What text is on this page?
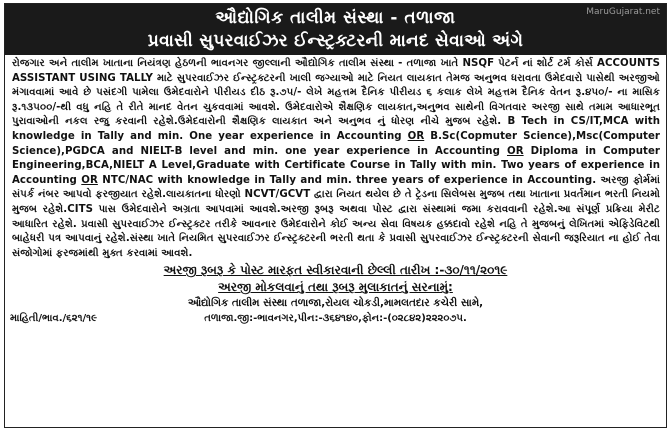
ઔદ્યોગિક તાલીમ સંસ્થા - તળાજા
પ્રવાસી સુપરવાઈઝર ઈન્સ્ટ્રક્ટરની માનદ સેવાઓ અંગે
MaruGujarat.net

રોજગાર અને તાલીમ ખાતાના નિયંત્રણ હેઠળની ભાવનગર જીલ્લાની ઔદ્યોગિક તાલીમ સંસ્થા - તળાજા ખાતે NSQF પેટર્ન નાં શોર્ટ ટર્મ કોર્સ ACCOUNTS ASSISTANT USING TALLY માટે સુપરવાઈઝર ઈન્સ્ટ્રક્ટરની ખાલી જગ્યાઓ માટે નિયત લાયકાત તેમજ અનુભવ ધરાવતા ઉમેદવારો પાસેથી અરજીઓ મંગાવવામાં આવે છે પસંદગી પામેલા ઉમેદવારોને પીરીયડ દીઠ રૂ.૭૫/- લેખે મહત્તમ દૈનિક પીરીયડ ૬ કલાક લેખે મહત્તમ દૈનિક વેતન રૂ.૪૫૦/- ના માસિક રૂ.૧૩૫૦૦/-થી વધુ નહિ તે રીતે માનદ વેતન ચુકવવામાં આવશે. ઉમેદવારોએ શૈક્ષણિક લાયકાત,અનુભવ સાથેની વિગતવાર અરજી સાથે તમામ આધારભૂત પુરાવાઓની નકલ રજુ કરવાની રહેશે.ઉમેદવારોની શૈક્ષણિક લાયકાત અને અનુભવ નું ધોરણ નીચે મુજબ રહેશે. B Tech in CS/IT,MCA with knowledge in Tally and min. One year experience in Accounting OR B.Sc(Copmuter Science),Msc(Computer Science),PGDCA and NIELT-B level and min. one year experience in Accounting OR Diploma in Computer Engineering,BCA,NIELT A Level,Graduate with Certificate Course in Tally with min. Two years of experience in Accounting OR NTC/NAC with knowledge in Tally and min. three years of experience in Accounting. અરજી ફોર્મમાં સંપર્ક નંબર આપવો ફરજીયાત રહેશે.લાયકાતના ધોરણો NCVT/GCVT દ્વારા નિયત થયેલ છે તે ટ્રેડના સિલેબસ મુજબ તથા ખાતાના પ્રવર્તમાન ભરતી નિયમો મુજબ રહેશે.CITS પાસ ઉમેદવારોને અગ્રતા આપવામાં આવશે.અરજી રૂબરૂ અથવા પોસ્ટ દ્વારા સંસ્થામાં જમા કરાવવાની રહેશે.આ સંપૂર્ણ પ્રક્રિયા મેરીટ આધારિત રહેશે. પ્રવાસી સુપરવાઈઝર ઈન્સ્ટ્રક્ટર તરીકે આવનાર ઉમેદવારોને કોઈ અન્ય સેવા વિષયક હક્કદાવો રહેશે નહિ તે મુજબનું લેખિતમાં એફિડેવિટથી બાહેધરી પત્ર આપવાનું રહેશે.સંસ્થા ખાતે નિયમિત સુપરવાઈઝર ઈન્સ્ટ્રક્ટરની ભરતી થતા કે પ્રવાસી સુપરવાઈઝર ઈન્સ્ટ્રક્ટરની સેવાની જરૂરિયાત ના હોઈ તેવા સંજોગોમાં ફરજમાંથી મુક્ત કરવામાં આવશે.

અરજી રૂબરૂ કે પોસ્ટ મારફત સ્વીકારવાની છેલ્લી તારીખ :-૩૦/૧૧/૨૦૧૯
અરજી મોકલવાનું તથા રૂબરૂ મુલાકાતનું સરનામું:
ઔદ્યોગિક તાલીમ સંસ્થા તળાજા,રોયલ ચોકડી,મામલતદાર કચેરી સામે,
તળાજા.જી:-ભાવનગર,પીન:-૩૬૪૧૪૦,ફોન:-(૦૨૮૪૨)૨૨૨૦૭૫.
માહિતી/ભાવ./૬૨૧/૧૯
